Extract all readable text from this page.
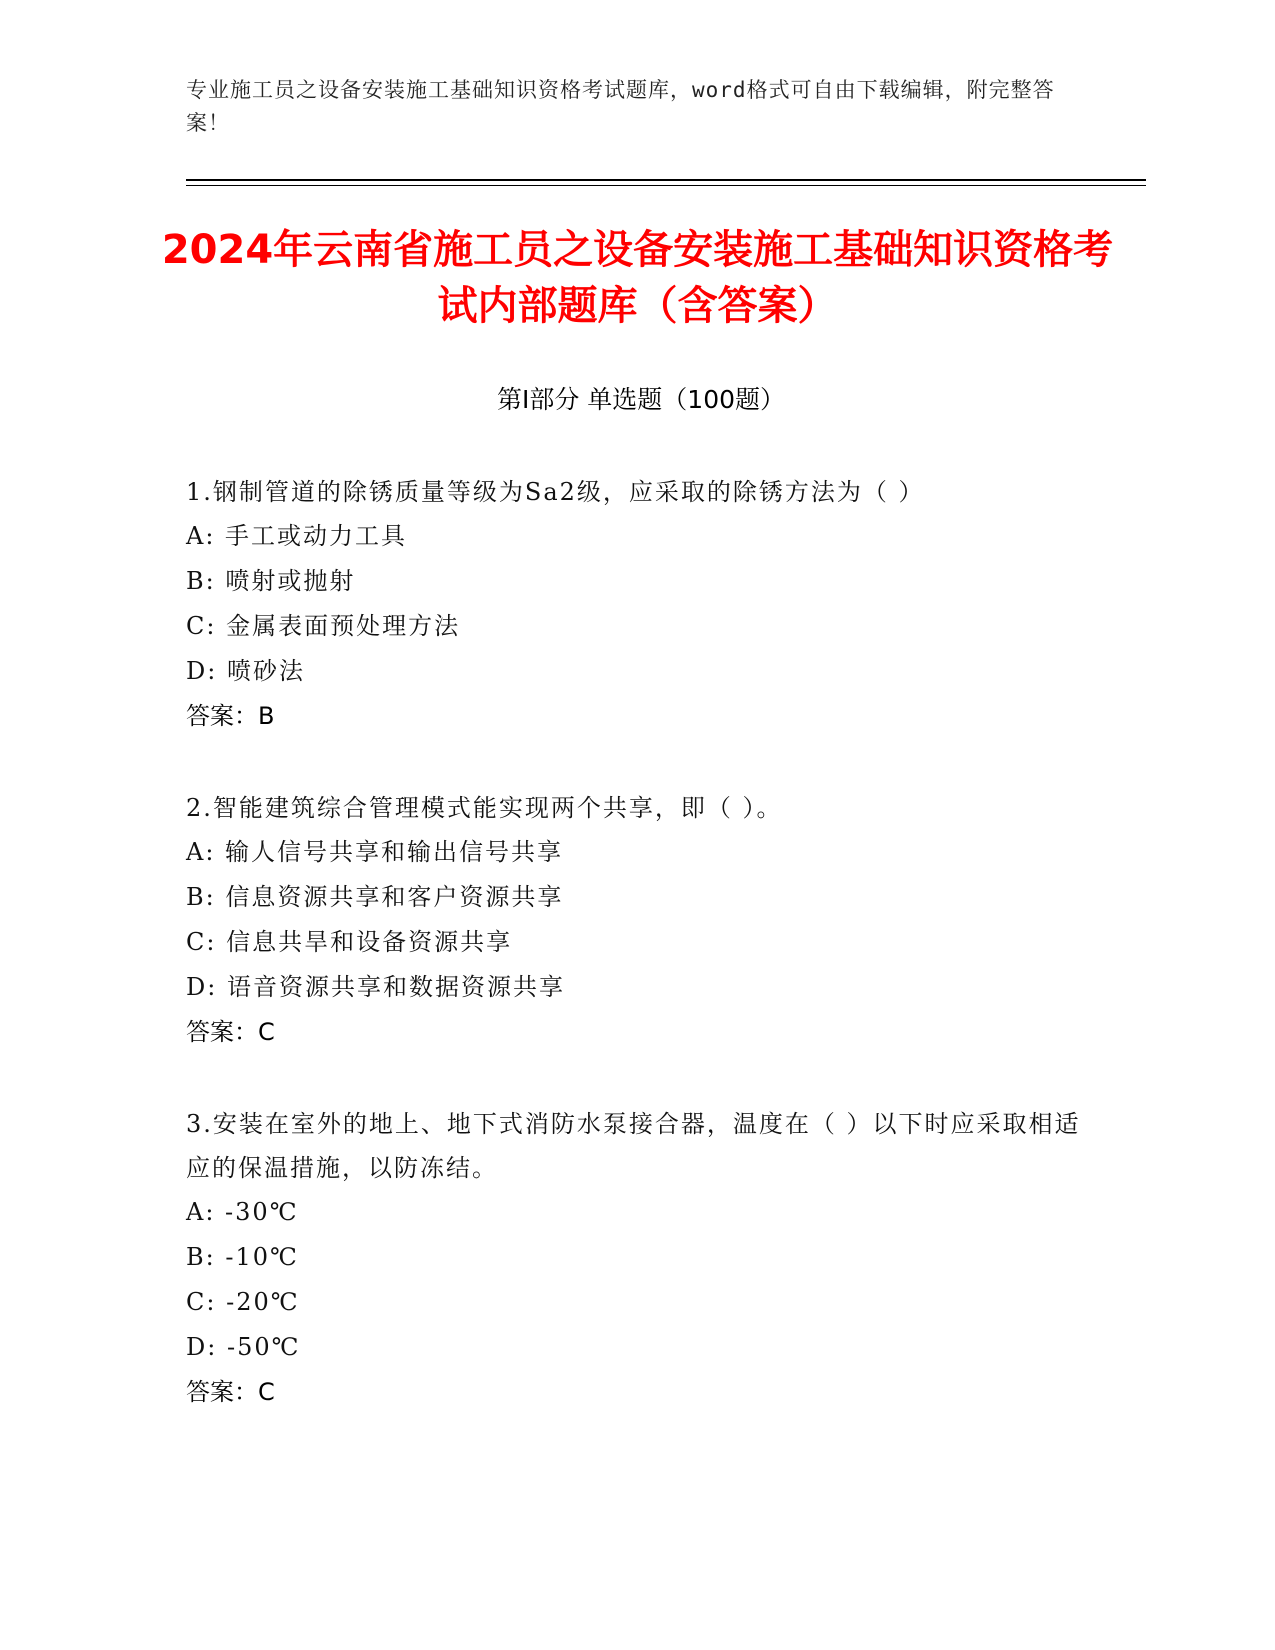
专业施工员之设备安装施工基础知识资格考试题库，word格式可自由下载编辑，附完整答案！
2024年云南省施工员之设备安装施工基础知识资格考试内部题库（含答案）
第Ⅰ部分 单选题（100题）
1.钢制管道的除锈质量等级为Sa2级，应采取的除锈方法为（ ）
A: 手工或动力工具
B: 喷射或抛射
C: 金属表面预处理方法
D: 喷砂法
答案：B
2.智能建筑综合管理模式能实现两个共享，即（ ）。
A: 输人信号共享和输出信号共享
B: 信息资源共享和客户资源共享
C: 信息共旱和设备资源共享
D: 语音资源共享和数据资源共享
答案：C
3.安装在室外的地上、地下式消防水泵接合器，温度在（ ）以下时应采取相适应的保温措施，以防冻结。
A: -30℃
B: -10℃
C: -20℃
D: -50℃
答案：C
